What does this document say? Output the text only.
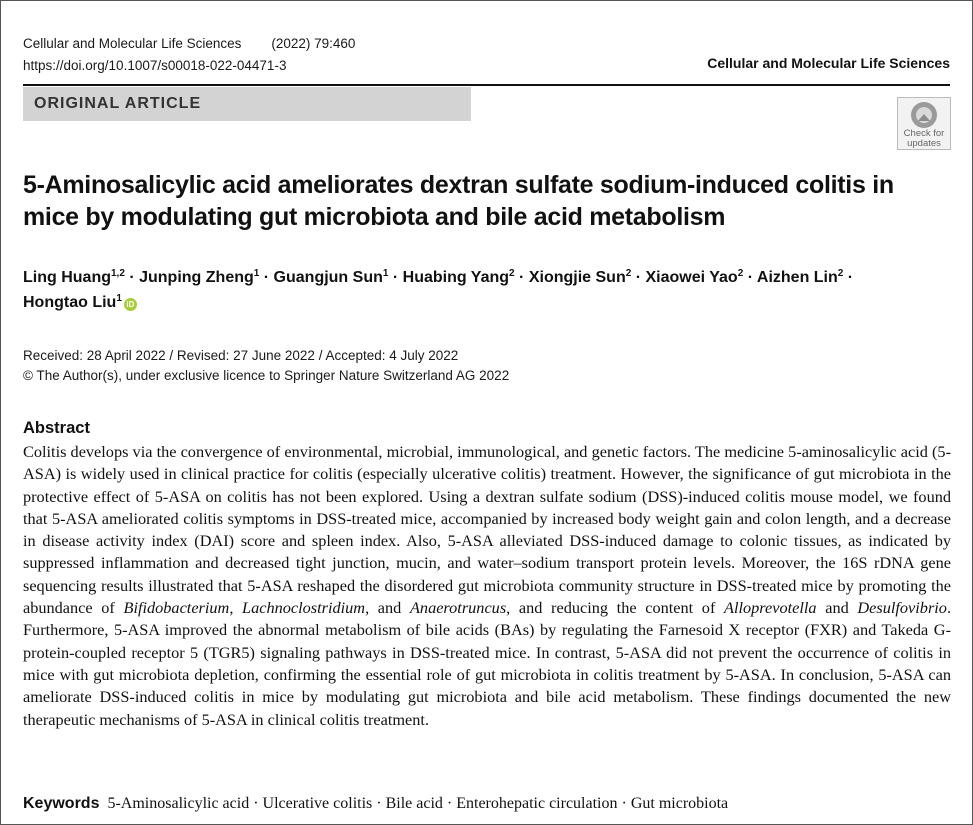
Cellular and Molecular Life Sciences (2022) 79:460
https://doi.org/10.1007/s00018-022-04471-3	Cellular and Molecular Life Sciences
ORIGINAL ARTICLE
Check for
updates
5-Aminosalicylic acid ameliorates dextran sulfate sodium-induced colitis in mice by modulating gut microbiota and bile acid metabolism
Ling Huang$^{1,2}$ · Junping Zheng$^1$ · Guangjun Sun$^1$ · Huabing Yang$^2$ · Xiongjie Sun$^2$ · Xiaowei Yao$^2$ · Aizhen Lin$^2$ ·
Hongtao Liu$^1$iD
Received: 28 April 2022 / Revised: 27 June 2022 / Accepted: 4 July 2022
© The Author(s), under exclusive licence to Springer Nature Switzerland AG 2022
Abstract

Colitis develops via the convergence of environmental, microbial, immunological, and genetic factors. The medicine 5-aminosalicylic acid (5-ASA) is widely used in clinical practice for colitis (especially ulcerative colitis) treatment. However, the significance of gut microbiota in the protective effect of 5-ASA on colitis has not been explored. Using a dextran sulfate sodium (DSS)-induced colitis mouse model, we found that 5-ASA ameliorated colitis symptoms in DSS-treated mice, accompanied by increased body weight gain and colon length, and a decrease in disease activity index (DAI) score and spleen index. Also, 5-ASA alleviated DSS-induced damage to colonic tissues, as indicated by suppressed inflammation and decreased tight junction, mucin, and water–sodium transport protein levels. Moreover, the 16S rDNA gene sequencing results illustrated that 5-ASA reshaped the disordered gut microbiota community structure in DSS-treated mice by promoting the abundance of Bifidobacterium, Lachnoclostridium, and Anaerotruncus, and reducing the content of Alloprevotella and Desulfovibrio. Furthermore, 5-ASA improved the abnormal metabolism of bile acids (BAs) by regulating the Farnesoid X receptor (FXR) and Takeda G-protein-coupled receptor 5 (TGR5) signaling pathways in DSS-treated mice. In contrast, 5-ASA did not prevent the occurrence of colitis in mice with gut microbiota depletion, confirming the essential role of gut microbiota in colitis treatment by 5-ASA. In conclusion, 5-ASA can ameliorate DSS-induced colitis in mice by modulating gut microbiota and bile acid metabolism. These findings documented the new therapeutic mechanisms of 5-ASA in clinical colitis treatment.

Keywords 5-Aminosalicylic acid · Ulcerative colitis · Bile acid · Enterohepatic circulation · Gut microbiota
